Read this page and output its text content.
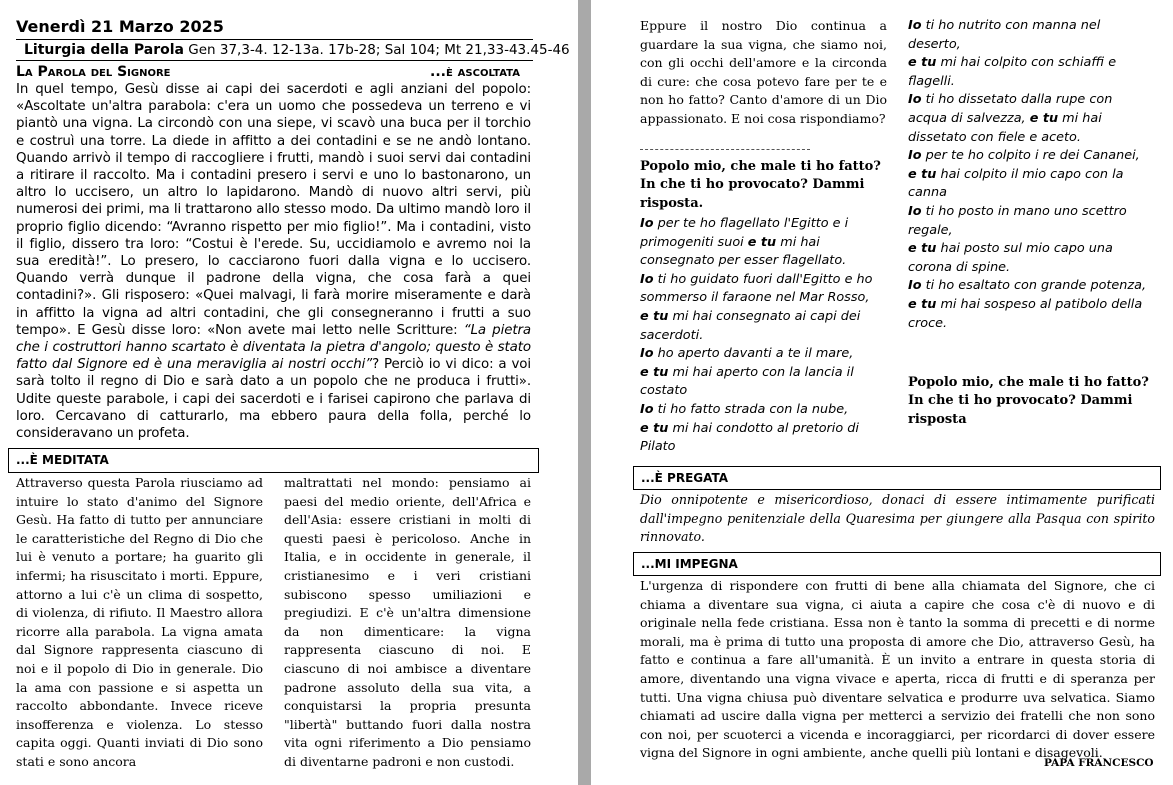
Venerdì 21 Marzo 2025
Liturgia della Parola Gen 37,3-4. 12-13a. 17b-28; Sal 104; Mt 21,33-43.45-46
La Parola del Signore	...è ascoltata
In quel tempo, Gesù disse ai capi dei sacerdoti e agli anziani del popolo: «Ascoltate un'altra parabola: c'era un uomo che possedeva un terreno e vi piantò una vigna. La circondò con una siepe, vi scavò una buca per il torchio e costruì una torre. La diede in affitto a dei contadini e se ne andò lontano. Quando arrivò il tempo di raccogliere i frutti, mandò i suoi servi dai contadini a ritirare il raccolto. Ma i contadini presero i servi e uno lo bastonarono, un altro lo uccisero, un altro lo lapidarono. Mandò di nuovo altri servi, più numerosi dei primi, ma li trattarono allo stesso modo. Da ultimo mandò loro il proprio figlio dicendo: “Avranno rispetto per mio figlio!”. Ma i contadini, visto il figlio, dissero tra loro: “Costui è l'erede. Su, uccidiamolo e avremo noi la sua eredità!”. Lo presero, lo cacciarono fuori dalla vigna e lo uccisero. Quando verrà dunque il padrone della vigna, che cosa farà a quei contadini?». Gli risposero: «Quei malvagi, li farà morire miseramente e darà in affitto la vigna ad altri contadini, che gli consegneranno i frutti a suo tempo». E Gesù disse loro: «Non avete mai letto nelle Scritture: “La pietra che i costruttori hanno scartato è diventata la pietra d'angolo; questo è stato fatto dal Signore ed è una meraviglia ai nostri occhi”? Perciò io vi dico: a voi sarà tolto il regno di Dio e sarà dato a un popolo che ne produca i frutti». Udite queste parabole, i capi dei sacerdoti e i farisei capirono che parlava di loro. Cercavano di catturarlo, ma ebbero paura della folla, perché lo consideravano un profeta.
...È MEDITATA
Attraverso questa Parola riusciamo ad intuire lo stato d'animo del Signore Gesù. Ha fatto di tutto per annunciare le caratteristiche del Regno di Dio che lui è venuto a portare; ha guarito gli infermi; ha risuscitato i morti. Eppure, attorno a lui c'è un clima di sospetto, di violenza, di rifiuto. Il Maestro allora ricorre alla parabola. La vigna amata dal Signore rappresenta ciascuno di noi e il popolo di Dio in generale. Dio la ama con passione e si aspetta un raccolto abbondante. Invece riceve insofferenza e violenza. Lo stesso capita oggi. Quanti inviati di Dio sono stati e sono ancora
maltrattati nel mondo: pensiamo ai paesi del medio oriente, dell'Africa e dell'Asia: essere cristiani in molti di questi paesi è pericoloso. Anche in Italia, e in occidente in generale, il cristianesimo e i veri cristiani subiscono spesso umiliazioni e pregiudizi. E c'è un'altra dimensione da non dimenticare: la vigna rappresenta ciascuno di noi. E ciascuno di noi ambisce a diventare padrone assoluto della sua vita, a conquistarsi la propria presunta "libertà" buttando fuori dalla nostra vita ogni riferimento a Dio pensiamo di diventarne padroni e non custodi.
Eppure il nostro Dio continua a guardare la sua vigna, che siamo noi, con gli occhi dell'amore e la circonda di cure: che cosa potevo fare per te e non ho fatto? Canto d'amore di un Dio appassionato. E noi cosa rispondiamo?
Popolo mio, che male ti ho fatto? In che ti ho provocato? Dammi risposta.
Io per te ho flagellato l'Egitto e i primogeniti suoi e tu mi hai consegnato per esser flagellato.
Io ti ho guidato fuori dall'Egitto e ho sommerso il faraone nel Mar Rosso,
e tu mi hai consegnato ai capi dei sacerdoti.
Io ho aperto davanti a te il mare,
e tu mi hai aperto con la lancia il costato
Io ti ho fatto strada con la nube,
e tu mi hai condotto al pretorio di Pilato
Io ti ho nutrito con manna nel deserto,
e tu mi hai colpito con schiaffi e flagelli.
Io ti ho dissetato dalla rupe con acqua di salvezza, e tu mi hai dissetato con fiele e aceto.
Io per te ho colpito i re dei Cananei,
e tu hai colpito il mio capo con la canna
Io ti ho posto in mano uno scettro regale,
e tu hai posto sul mio capo una corona di spine.
Io ti ho esaltato con grande potenza,
e tu mi hai sospeso al patibolo della croce.
Popolo mio, che male ti ho fatto? In che ti ho provocato? Dammi risposta
...È PREGATA
Dio onnipotente e misericordioso, donaci di essere intimamente purificati dall'impegno penitenziale della Quaresima per giungere alla Pasqua con spirito rinnovato.
...MI IMPEGNA
L'urgenza di rispondere con frutti di bene alla chiamata del Signore, che ci chiama a diventare sua vigna, ci aiuta a capire che cosa c'è di nuovo e di originale nella fede cristiana. Essa non è tanto la somma di precetti e di norme morali, ma è prima di tutto una proposta di amore che Dio, attraverso Gesù, ha fatto e continua a fare all'umanità. È un invito a entrare in questa storia di amore, diventando una vigna vivace e aperta, ricca di frutti e di speranza per tutti. Una vigna chiusa può diventare selvatica e produrre uva selvatica. Siamo chiamati ad uscire dalla vigna per metterci a servizio dei fratelli che non sono con noi, per scuoterci a vicenda e incoraggiarci, per ricordarci di dover essere vigna del Signore in ogni ambiente, anche quelli più lontani e disagevoli.
PAPA FRANCESCO
